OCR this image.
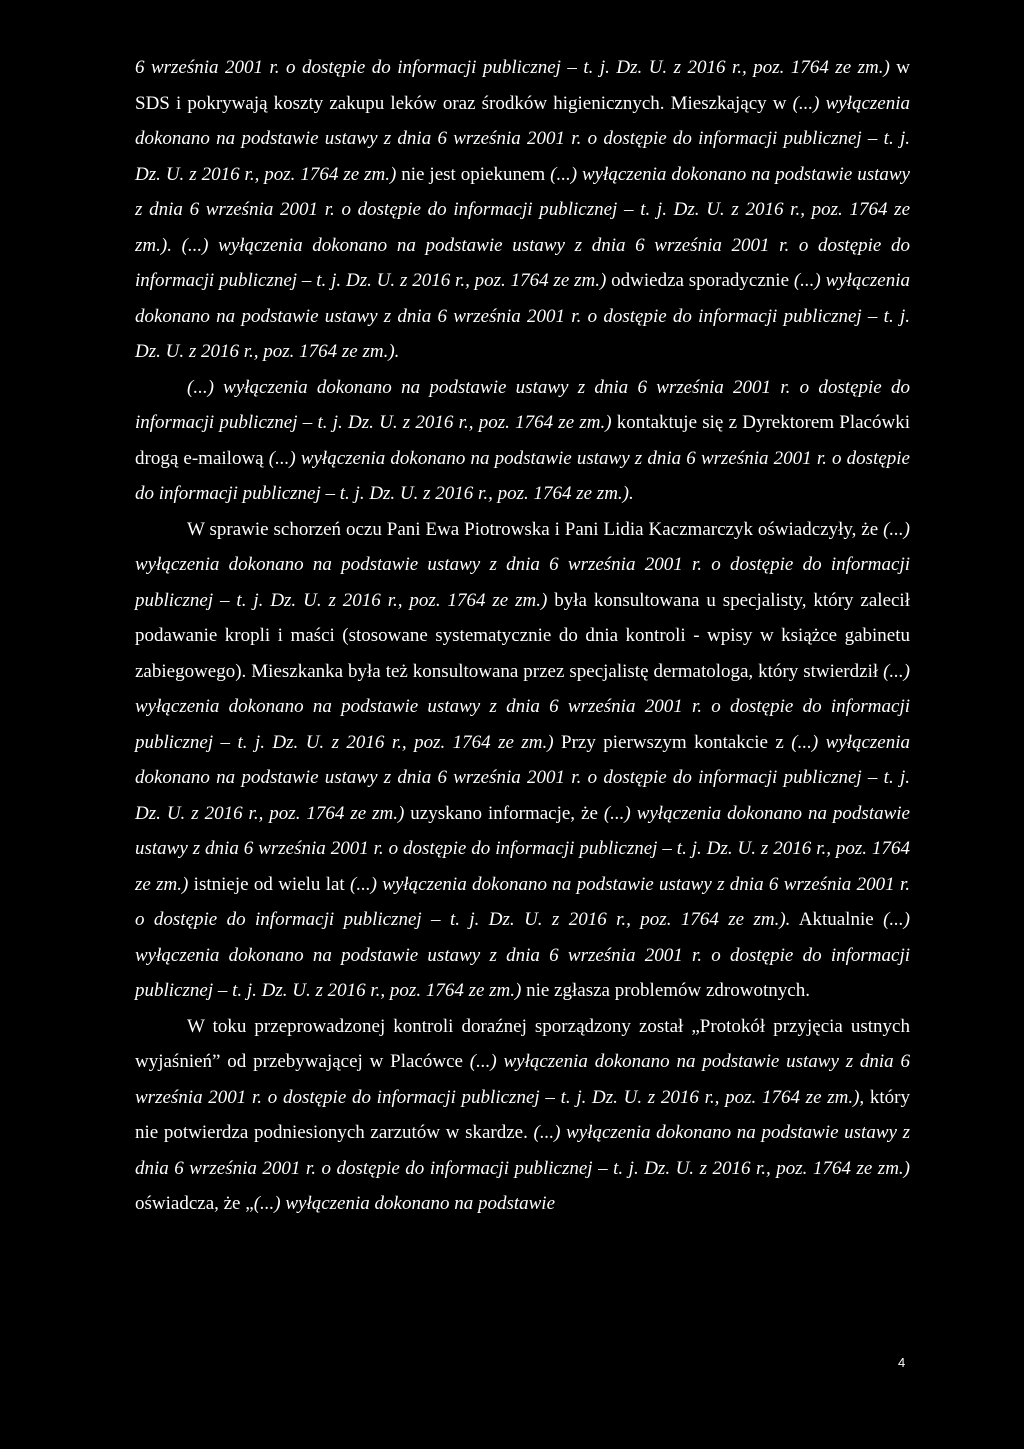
6 września 2001 r. o dostępie do informacji publicznej – t. j. Dz. U. z 2016 r., poz. 1764 ze zm.) w SDS i pokrywają koszty zakupu leków oraz środków higienicznych. Mieszkający w (...) wyłączenia dokonano na podstawie ustawy z dnia 6 września 2001 r. o dostępie do informacji publicznej – t. j. Dz. U. z 2016 r., poz. 1764 ze zm.) nie jest opiekunem (...) wyłączenia dokonano na podstawie ustawy z dnia 6 września 2001 r. o dostępie do informacji publicznej – t. j. Dz. U. z 2016 r., poz. 1764 ze zm.). (...) wyłączenia dokonano na podstawie ustawy z dnia 6 września 2001 r. o dostępie do informacji publicznej – t. j. Dz. U. z 2016 r., poz. 1764 ze zm.) odwiedza sporadycznie (...) wyłączenia dokonano na podstawie ustawy z dnia 6 września 2001 r. o dostępie do informacji publicznej – t. j. Dz. U. z 2016 r., poz. 1764 ze zm.).

(...) wyłączenia dokonano na podstawie ustawy z dnia 6 września 2001 r. o dostępie do informacji publicznej – t. j. Dz. U. z 2016 r., poz. 1764 ze zm.) kontaktuje się z Dyrektorem Placówki drogą e-mailową (...) wyłączenia dokonano na podstawie ustawy z dnia 6 września 2001 r. o dostępie do informacji publicznej – t. j. Dz. U. z 2016 r., poz. 1764 ze zm.).

W sprawie schorzeń oczu Pani Ewa Piotrowska i Pani Lidia Kaczmarczyk oświadczyły, że (...) wyłączenia dokonano na podstawie ustawy z dnia 6 września 2001 r. o dostępie do informacji publicznej – t. j. Dz. U. z 2016 r., poz. 1764 ze zm.) była konsultowana u specjalisty, który zalecił podawanie kropli i maści (stosowane systematycznie do dnia kontroli - wpisy w książce gabinetu zabiegowego). Mieszkanka była też konsultowana przez specjalistę dermatologa, który stwierdził (...) wyłączenia dokonano na podstawie ustawy z dnia 6 września 2001 r. o dostępie do informacji publicznej – t. j. Dz. U. z 2016 r., poz. 1764 ze zm.) Przy pierwszym kontakcie z (...) wyłączenia dokonano na podstawie ustawy z dnia 6 września 2001 r. o dostępie do informacji publicznej – t. j. Dz. U. z 2016 r., poz. 1764 ze zm.) uzyskano informacje, że (...) wyłączenia dokonano na podstawie ustawy z dnia 6 września 2001 r. o dostępie do informacji publicznej – t. j. Dz. U. z 2016 r., poz. 1764 ze zm.) istnieje od wielu lat (...) wyłączenia dokonano na podstawie ustawy z dnia 6 września 2001 r. o dostępie do informacji publicznej – t. j. Dz. U. z 2016 r., poz. 1764 ze zm.). Aktualnie (...) wyłączenia dokonano na podstawie ustawy z dnia 6 września 2001 r. o dostępie do informacji publicznej – t. j. Dz. U. z 2016 r., poz. 1764 ze zm.) nie zgłasza problemów zdrowotnych.

W toku przeprowadzonej kontroli doraźnej sporządzony został „Protokół przyjęcia ustnych wyjaśnień” od przebywającej w Placówce (...) wyłączenia dokonano na podstawie ustawy z dnia 6 września 2001 r. o dostępie do informacji publicznej – t. j. Dz. U. z 2016 r., poz. 1764 ze zm.), który nie potwierdza podniesionych zarzutów w skardze. (...) wyłączenia dokonano na podstawie ustawy z dnia 6 września 2001 r. o dostępie do informacji publicznej – t. j. Dz. U. z 2016 r., poz. 1764 ze zm.) oświadcza, że „(...) wyłączenia dokonano na podstawie

4
